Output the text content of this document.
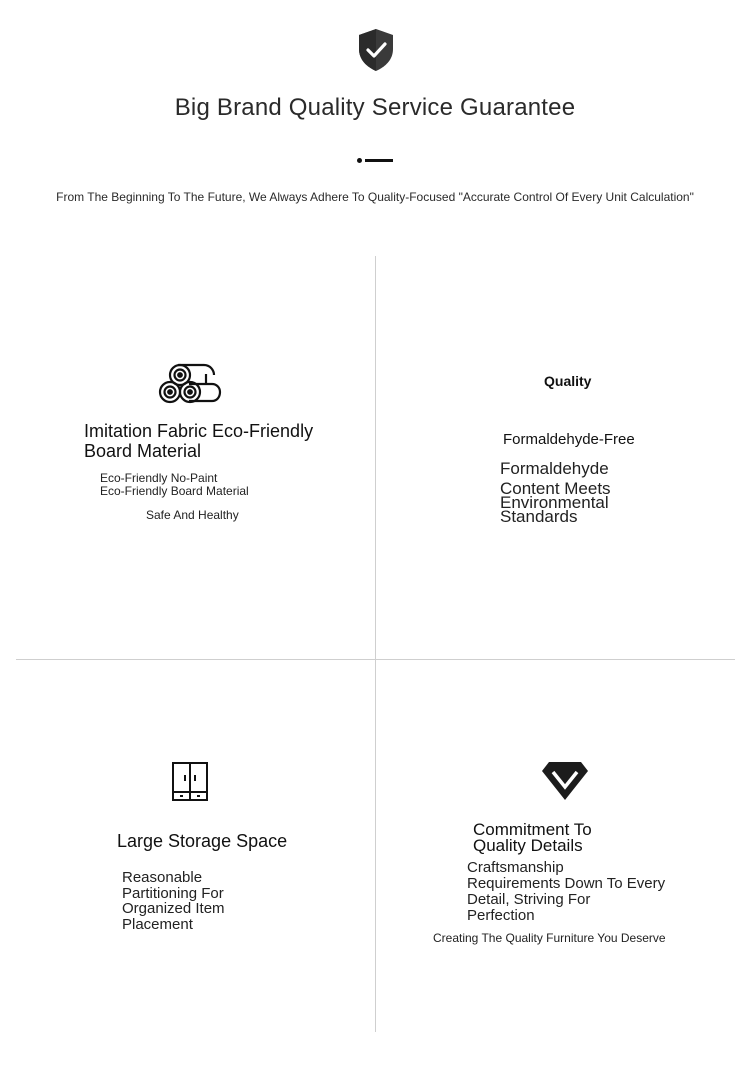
Big Brand Quality Service Guarantee
From The Beginning To The Future, We Always Adhere To Quality-Focused "Accurate Control Of Every Unit Calculation"
Imitation Fabric Eco-Friendly
Board Material
Eco-Friendly No-Paint
Eco-Friendly Board Material
Safe And Healthy
Quality
Formaldehyde-Free
Formaldehyde
Content Meets
Environmental
Standards
Large Storage Space
Reasonable
Partitioning For
Organized Item
Placement
Commitment To
Quality Details
Craftsmanship
Requirements Down To Every
Detail, Striving For
Perfection
Creating The Quality Furniture You Deserve
